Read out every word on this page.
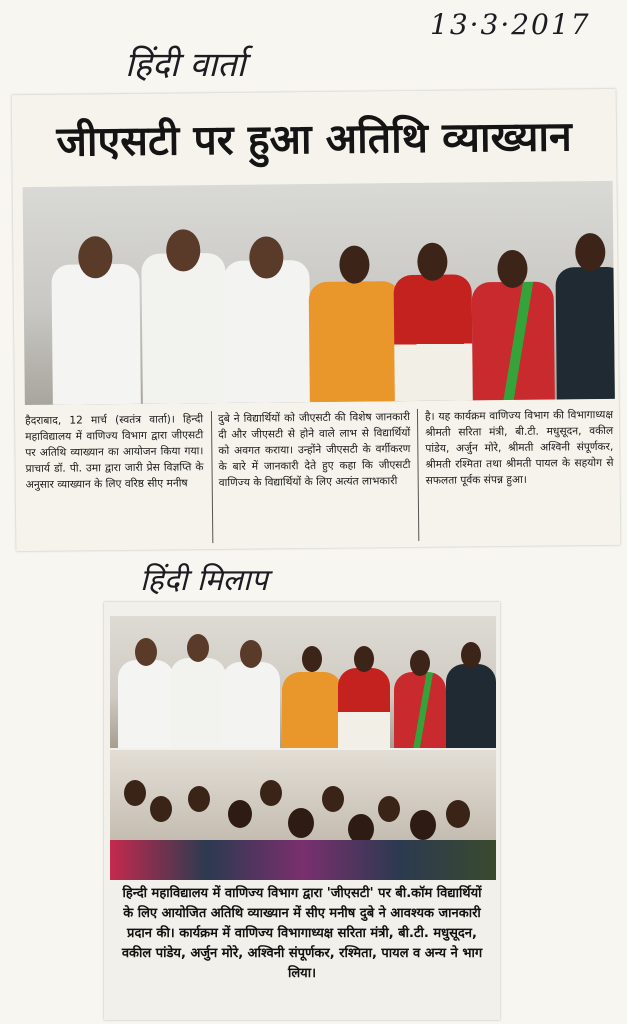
13·3·2017
हिंदी वार्ता
जीएसटी पर हुआ अतिथि व्याख्यान
हैदराबाद, 12 मार्च (स्वतंत्र वार्ता)। हिन्दी महाविद्यालय में वाणिज्य विभाग द्वारा जीएसटी पर अतिथि व्याख्यान का आयोजन किया गया। प्राचार्य डॉ. पी. उमा द्वारा जारी प्रेस विज्ञप्ति के अनुसार व्याख्यान के लिए वरिष्ठ सीए मनीष
दुबे ने विद्यार्थियों को जीएसटी की विशेष जानकारी दी और जीएसटी से होने वाले लाभ से विद्यार्थियों को अवगत कराया। उन्होंने जीएसटी के वर्गीकरण के बारे में जानकारी देते हुए कहा कि जीएसटी वाणिज्य के विद्यार्थियों के लिए अत्यंत लाभकारी
है। यह कार्यक्रम वाणिज्य विभाग की विभागाध्यक्ष श्रीमती सरिता मंत्री, बी.टी. मधुसूदन, वकील पांडेय, अर्जुन मोरे, श्रीमती अश्विनी संपूर्णकर, श्रीमती रश्मिता तथा श्रीमती पायल के सहयोग से सफलता पूर्वक संपन्न हुआ।
हिंदी मिलाप
हिन्दी महाविद्यालय में वाणिज्य विभाग द्वारा 'जीएसटी' पर बी.कॉम विद्यार्थियों के लिए आयोजित अतिथि व्याख्यान में सीए मनीष दुबे ने आवश्यक जानकारी प्रदान की। कार्यक्रम में वाणिज्य विभागाध्यक्ष सरिता मंत्री, बी.टी. मधुसूदन, वकील पांडेय, अर्जुन मोरे, अश्विनी संपूर्णकर, रश्मिता, पायल व अन्य ने भाग लिया।
